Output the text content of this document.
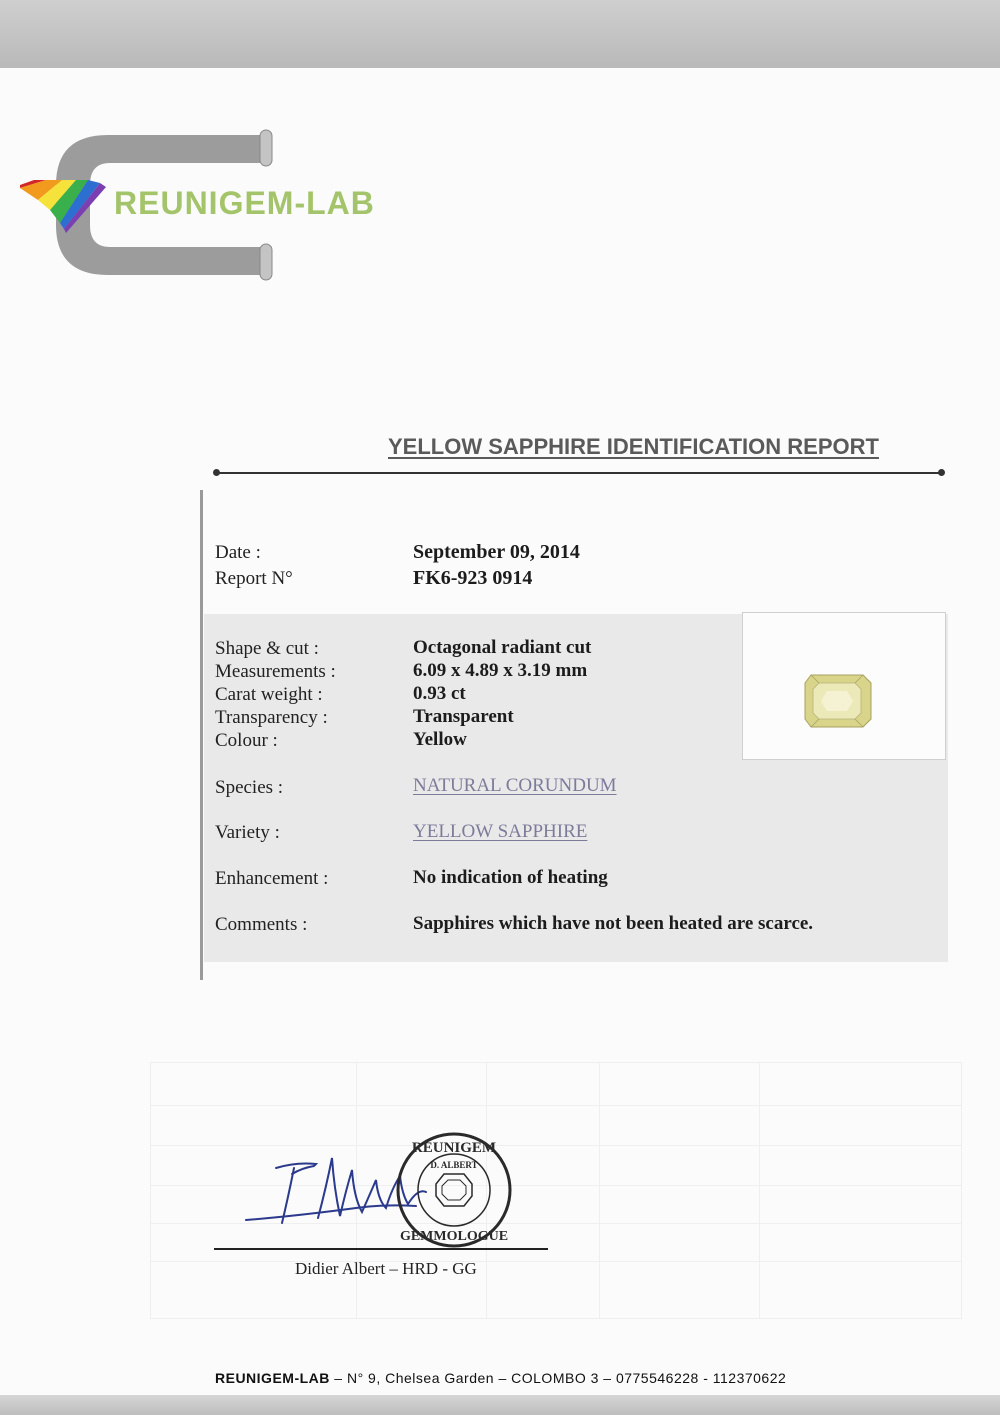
REUNIGEM-LAB
YELLOW SAPPHIRE IDENTIFICATION REPORT
Date :	September 09, 2014
Report N°	FK6-923 0914
Shape & cut :	Octagonal radiant cut
Measurements :	6.09 x 4.89 x 3.19 mm
Carat weight :	0.93 ct
Transparency :	Transparent
Colour :	Yellow
Species :	NATURAL CORUNDUM
Variety :	YELLOW SAPPHIRE
Enhancement :	No indication of heating
Comments :	Sapphires which have not been heated are scarce.
REUNIGEM
D. ALBERT
GEMMOLOGUE
Didier Albert – HRD - GG
REUNIGEM-LAB – N° 9, Chelsea Garden – COLOMBO 3 – 0775546228 - 112370622
